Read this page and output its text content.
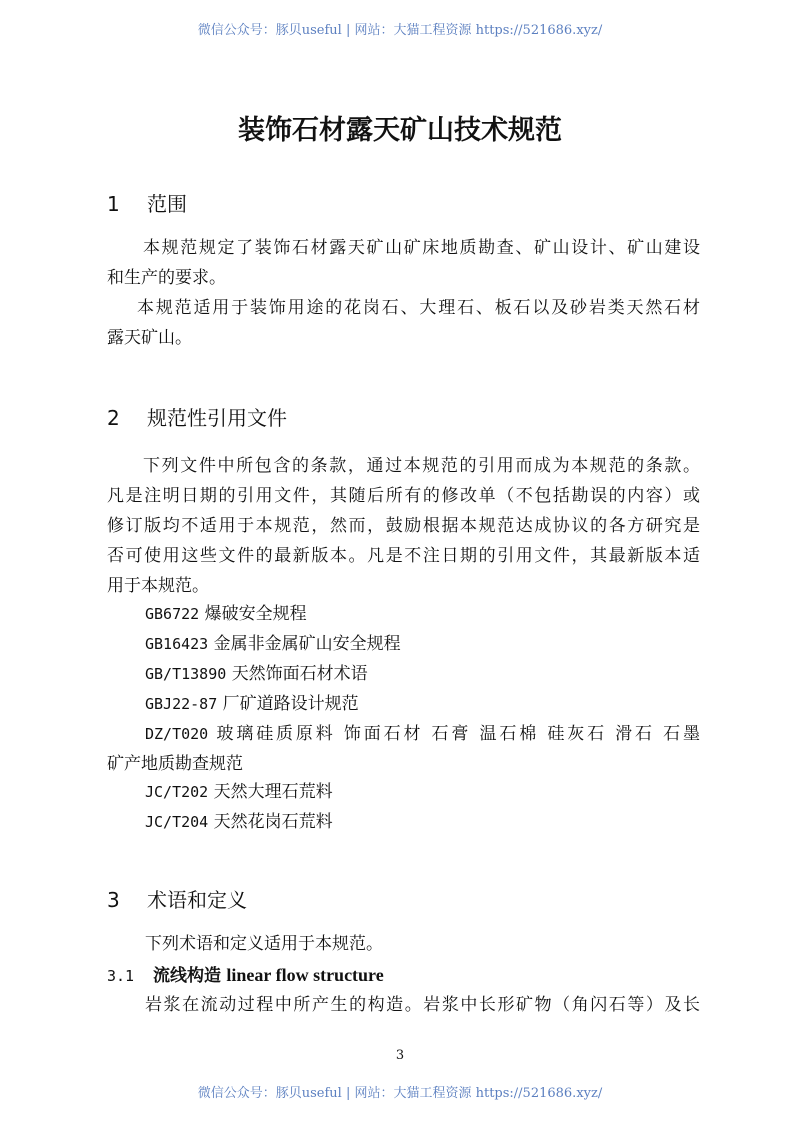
微信公众号：豚贝useful | 网站：大猫工程资源 https://521686.xyz/
装饰石材露天矿山技术规范
1 范围
本规范规定了装饰石材露天矿山矿床地质勘查、矿山设计、矿山建设
和生产的要求。
本规范适用于装饰用途的花岗石、大理石、板石以及砂岩类天然石材
露天矿山。
2 规范性引用文件
下列文件中所包含的条款，通过本规范的引用而成为本规范的条款。
凡是注明日期的引用文件，其随后所有的修改单（不包括勘误的内容）或
修订版均不适用于本规范，然而，鼓励根据本规范达成协议的各方研究是
否可使用这些文件的最新版本。凡是不注日期的引用文件，其最新版本适
用于本规范。
GB6722 爆破安全规程
GB16423 金属非金属矿山安全规程
GB/T13890 天然饰面石材术语
GBJ22-87 厂矿道路设计规范
DZ/T020 玻璃硅质原料 饰面石材 石膏 温石棉 硅灰石 滑石 石墨
矿产地质勘查规范
JC/T202 天然大理石荒料
JC/T204 天然花岗石荒料
3 术语和定义
下列术语和定义适用于本规范。
3.1 流线构造 linear flow structure
岩浆在流动过程中所产生的构造。岩浆中长形矿物（角闪石等）及长
3
微信公众号：豚贝useful | 网站：大猫工程资源 https://521686.xyz/
